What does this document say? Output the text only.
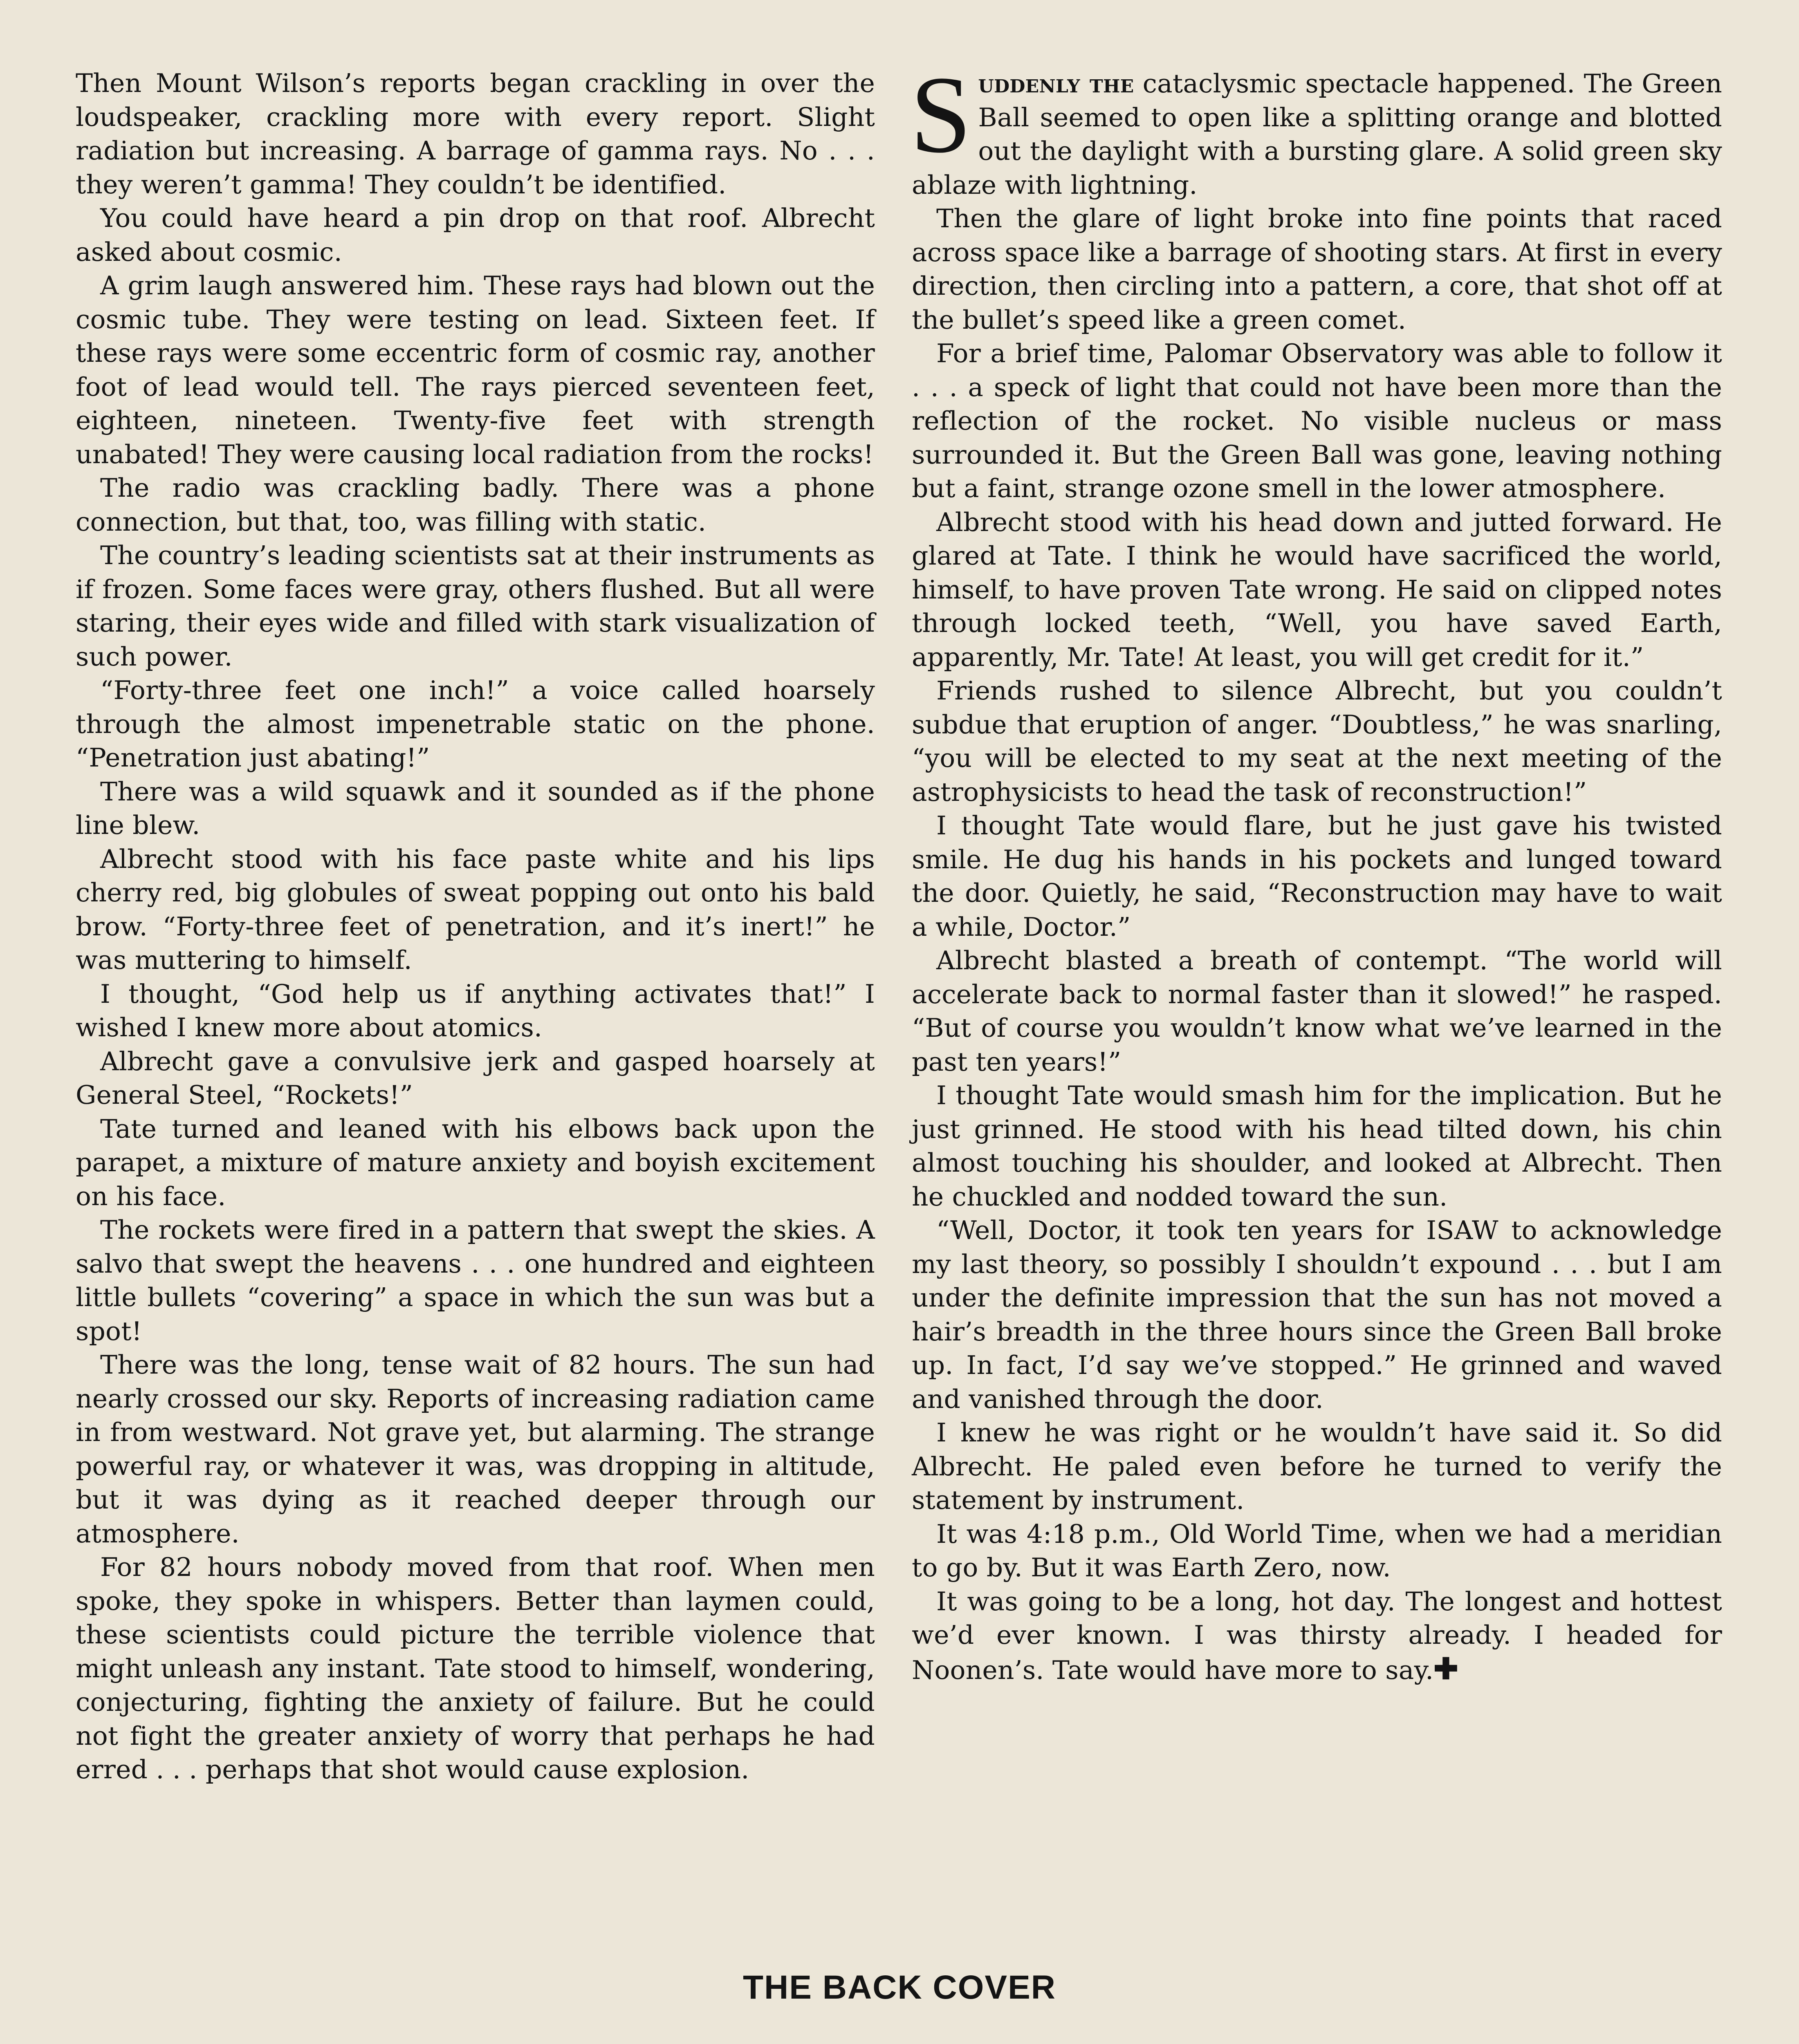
Then Mount Wilson’s reports began crackling in over the loudspeaker, crackling more with every report. Slight radiation but increasing. A barrage of gamma rays. No . . . they weren’t gamma! They couldn’t be identified.

You could have heard a pin drop on that roof. Albrecht asked about cosmic.

A grim laugh answered him. These rays had blown out the cosmic tube. They were testing on lead. Sixteen feet. If these rays were some eccentric form of cosmic ray, another foot of lead would tell. The rays pierced seventeen feet, eighteen, nineteen. Twenty-five feet with strength unabated! They were causing local radiation from the rocks!

The radio was crackling badly. There was a phone connection, but that, too, was filling with static.

The country’s leading scientists sat at their instruments as if frozen. Some faces were gray, others flushed. But all were staring, their eyes wide and filled with stark visualization of such power.

“Forty-three feet one inch!” a voice called hoarsely through the almost impenetrable static on the phone. “Penetration just abating!”

There was a wild squawk and it sounded as if the phone line blew.

Albrecht stood with his face paste white and his lips cherry red, big globules of sweat popping out onto his bald brow. “Forty-three feet of penetration, and it’s inert!” he was muttering to himself.

I thought, “God help us if anything activates that!” I wished I knew more about atomics.

Albrecht gave a convulsive jerk and gasped hoarsely at General Steel, “Rockets!”

Tate turned and leaned with his elbows back upon the parapet, a mixture of mature anxiety and boyish excitement on his face.

The rockets were fired in a pattern that swept the skies. A salvo that swept the heavens . . . one hundred and eighteen little bullets “covering” a space in which the sun was but a spot!

There was the long, tense wait of 82 hours. The sun had nearly crossed our sky. Reports of increasing radiation came in from westward. Not grave yet, but alarming. The strange powerful ray, or whatever it was, was dropping in altitude, but it was dying as it reached deeper through our atmosphere.

For 82 hours nobody moved from that roof. When men spoke, they spoke in whispers. Better than laymen could, these scientists could picture the terrible violence that might unleash any instant. Tate stood to himself, wondering, conjecturing, fighting the anxiety of failure. But he could not fight the greater anxiety of worry that perhaps he had erred . . . perhaps that shot would cause explosion.

Suddenly the cataclysmic spectacle happened. The Green Ball seemed to open like a splitting orange and blotted out the daylight with a bursting glare. A solid green sky ablaze with lightning.

Then the glare of light broke into fine points that raced across space like a barrage of shooting stars. At first in every direction, then circling into a pattern, a core, that shot off at the bullet’s speed like a green comet.

For a brief time, Palomar Observatory was able to follow it . . . a speck of light that could not have been more than the reflection of the rocket. No visible nucleus or mass surrounded it. But the Green Ball was gone, leaving nothing but a faint, strange ozone smell in the lower atmosphere.

Albrecht stood with his head down and jutted forward. He glared at Tate. I think he would have sacrificed the world, himself, to have proven Tate wrong. He said on clipped notes through locked teeth, “Well, you have saved Earth, apparently, Mr. Tate! At least, you will get credit for it.”

Friends rushed to silence Albrecht, but you couldn’t subdue that eruption of anger. “Doubtless,” he was snarling, “you will be elected to my seat at the next meeting of the astrophysicists to head the task of reconstruction!”

I thought Tate would flare, but he just gave his twisted smile. He dug his hands in his pockets and lunged toward the door. Quietly, he said, “Reconstruction may have to wait a while, Doctor.”

Albrecht blasted a breath of contempt. “The world will accelerate back to normal faster than it slowed!” he rasped. “But of course you wouldn’t know what we’ve learned in the past ten years!”

I thought Tate would smash him for the implication. But he just grinned. He stood with his head tilted down, his chin almost touching his shoulder, and looked at Albrecht. Then he chuckled and nodded toward the sun.

“Well, Doctor, it took ten years for ISAW to acknowledge my last theory, so possibly I shouldn’t expound . . . but I am under the definite impression that the sun has not moved a hair’s breadth in the three hours since the Green Ball broke up. In fact, I’d say we’ve stopped.” He grinned and waved and vanished through the door.

I knew he was right or he wouldn’t have said it. So did Albrecht. He paled even before he turned to verify the statement by instrument.

It was 4:18 p.m., Old World Time, when we had a meridian to go by. But it was Earth Zero, now.

It was going to be a long, hot day. The longest and hottest we’d ever known. I was thirsty already. I headed for Noonen’s. Tate would have more to say.✚

THE BACK COVER
